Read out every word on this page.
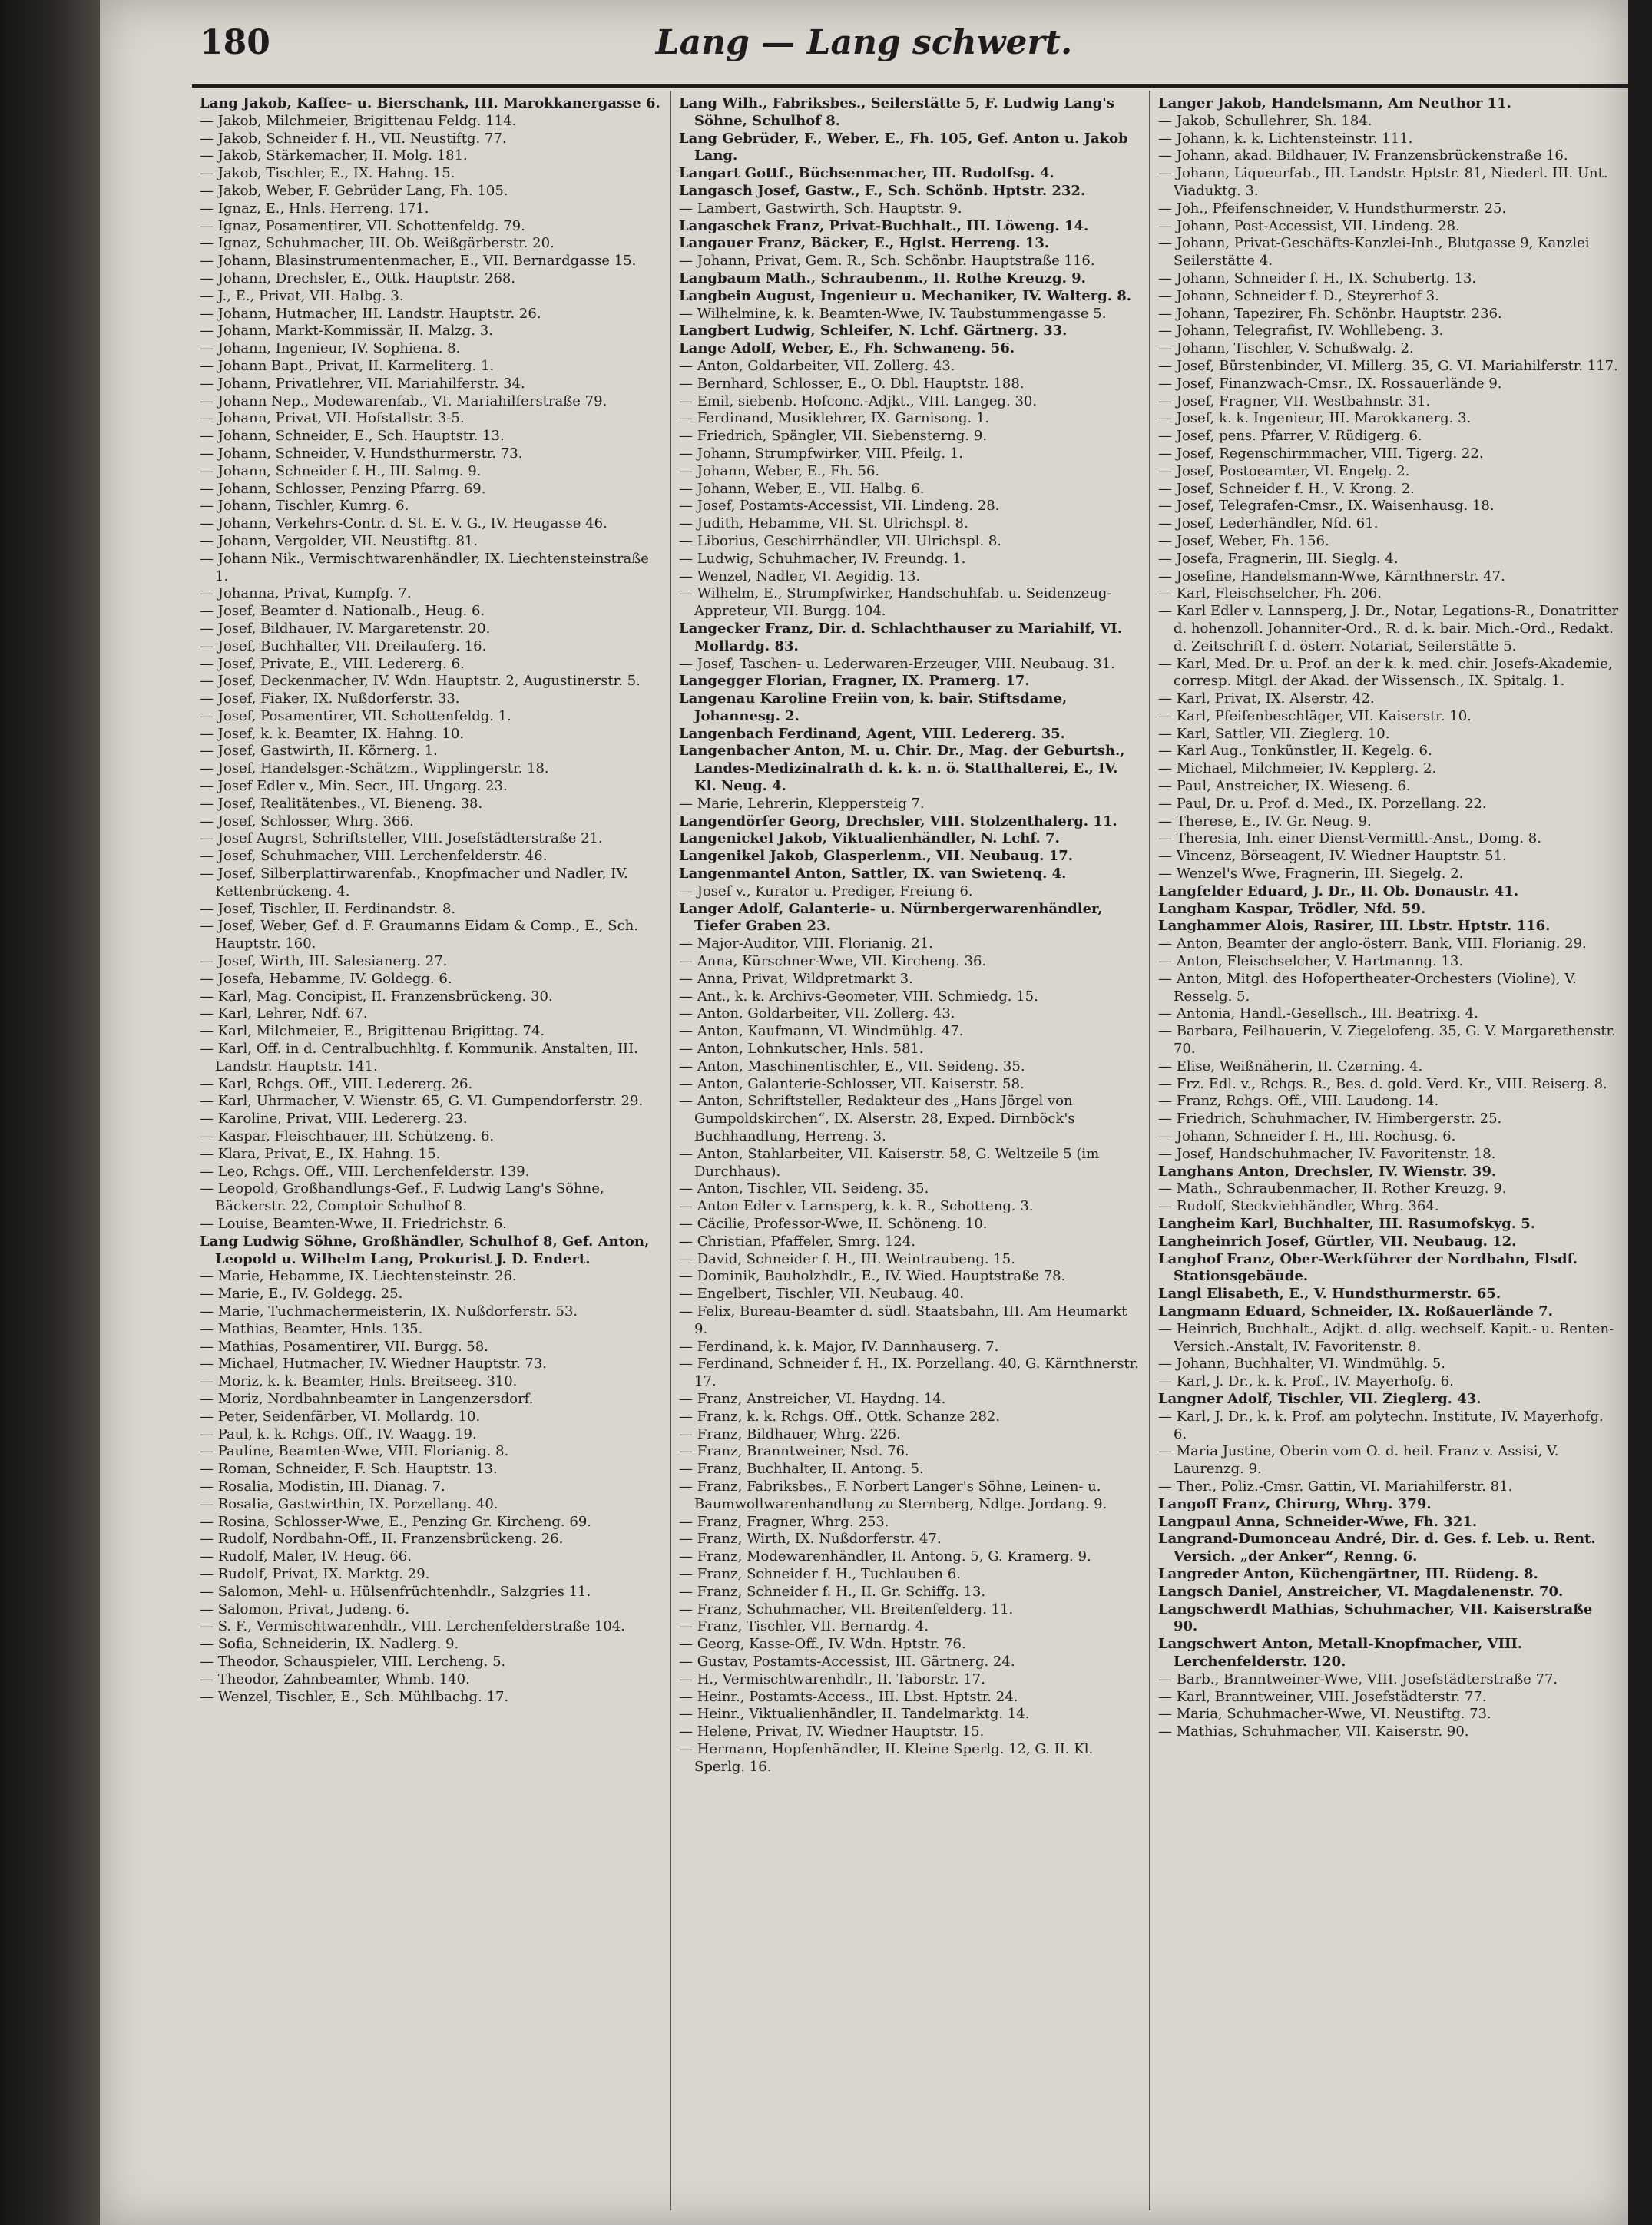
180	Lang — Lang schwert.
Lang Jakob, Kaffee- u. Bierschank, III. Marokkanergasse 6.
— Jakob, Milchmeier, Brigittenau Feldg. 114.
— Jakob, Schneider f. H., VII. Neustiftg. 77.
— Jakob, Stärkemacher, II. Molg. 181.
— Jakob, Tischler, E., IX. Hahng. 15.
— Jakob, Weber, F. Gebrüder Lang, Fh. 105.
— Ignaz, E., Hnls. Herreng. 171.
— Ignaz, Posamentirer, VII. Schottenfeldg. 79.
— Ignaz, Schuhmacher, III. Ob. Weißgärberstr. 20.
— Johann, Blasinstrumentenmacher, E., VII. Bernardgasse 15.
— Johann, Drechsler, E., Ottk. Hauptstr. 268.
— J., E., Privat, VII. Halbg. 3.
— Johann, Hutmacher, III. Landstr. Hauptstr. 26.
— Johann, Markt-Kommissär, II. Malzg. 3.
— Johann, Ingenieur, IV. Sophienа. 8.
— Johann Bapt., Privat, II. Karmeliterg. 1.
— Johann, Privatlehrer, VII. Mariahilferstr. 34.
— Johann Nep., Modewarenfab., VI. Mariahilferstraße 79.
— Johann, Privat, VII. Hofstallstr. 3-5.
— Johann, Schneider, E., Sch. Hauptstr. 13.
— Johann, Schneider, V. Hundsthurmerstr. 73.
— Johann, Schneider f. H., III. Salmg. 9.
— Johann, Schlosser, Penzing Pfarrg. 69.
— Johann, Tischler, Kumrg. 6.
— Johann, Verkehrs-Contr. d. St. E. V. G., IV. Heugasse 46.
— Johann, Vergolder, VII. Neustiftg. 81.
— Johann Nik., Vermischtwarenhändler, IX. Liechtensteinstraße 1.
— Johanna, Privat, Kumpfg. 7.
— Josef, Beamter d. Nationalb., Heug. 6.
— Josef, Bildhauer, IV. Margaretenstr. 20.
— Josef, Buchhalter, VII. Dreilauferg. 16.
— Josef, Private, E., VIII. Ledererg. 6.
— Josef, Deckenmacher, IV. Wdn. Hauptstr. 2, Augustinerstr. 5.
— Josef, Fiaker, IX. Nußdorferstr. 33.
— Josef, Posamentirer, VII. Schottenfeldg. 1.
— Josef, k. k. Beamter, IX. Hahng. 10.
— Josef, Gastwirth, II. Körnerg. 1.
— Josef, Handelsger.-Schätzm., Wipplingerstr. 18.
— Josef Edler v., Min. Secr., III. Ungarg. 23.
— Josef, Realitätenbes., VI. Bieneng. 38.
— Josef, Schlosser, Whrg. 366.
— Josef Augrst, Schriftsteller, VIII. Josefstädterstraße 21.
— Josef, Schuhmacher, VIII. Lerchenfelderstr. 46.
— Josef, Silberplattirwarenfab., Knopfmacher und Nadler, IV. Kettenbrückeng. 4.
— Josef, Tischler, II. Ferdinandstr. 8.
— Josef, Weber, Gef. d. F. Graumanns Eidam & Comp., E., Sch. Hauptstr. 160.
— Josef, Wirth, III. Salesianerg. 27.
— Josefa, Hebamme, IV. Goldegg. 6.
— Karl, Mag. Concipist, II. Franzensbrückeng. 30.
— Karl, Lehrer, Ndf. 67.
— Karl, Milchmeier, E., Brigittenau Brigittag. 74.
— Karl, Off. in d. Centralbuchhltg. f. Kommunik. Anstalten, III. Landstr. Hauptstr. 141.
— Karl, Rchgs. Off., VIII. Ledererg. 26.
— Karl, Uhrmacher, V. Wienstr. 65, G. VI. Gumpendorferstr. 29.
— Karoline, Privat, VIII. Ledererg. 23.
— Kaspar, Fleischhauer, III. Schützeng. 6.
— Klara, Privat, E., IX. Hahng. 15.
— Leo, Rchgs. Off., VIII. Lerchenfelderstr. 139.
— Leopold, Großhandlungs-Gef., F. Ludwig Lang's Söhne, Bäckerstr. 22, Comptoir Schulhof 8.
— Louise, Beamten-Wwe, II. Friedrichstr. 6.
Lang Ludwig Söhne, Großhändler, Schulhof 8, Gef. Anton, Leopold u. Wilhelm Lang, Prokurist J. D. Endert.
— Marie, Hebamme, IX. Liechtensteinstr. 26.
— Marie, E., IV. Goldegg. 25.
— Marie, Tuchmachermeisterin, IX. Nußdorferstr. 53.
— Mathias, Beamter, Hnls. 135.
— Mathias, Posamentirer, VII. Burgg. 58.
— Michael, Hutmacher, IV. Wiedner Hauptstr. 73.
— Moriz, k. k. Beamter, Hnls. Breitseeg. 310.
— Moriz, Nordbahnbeamter in Langenzersdorf.
— Peter, Seidenfärber, VI. Mollardg. 10.
— Paul, k. k. Rchgs. Off., IV. Waagg. 19.
— Pauline, Beamten-Wwe, VIII. Florianig. 8.
— Roman, Schneider, F. Sch. Hauptstr. 13.
— Rosalia, Modistin, III. Dianag. 7.
— Rosalia, Gastwirthin, IX. Porzellang. 40.
— Rosina, Schlosser-Wwe, E., Penzing Gr. Kircheng. 69.
— Rudolf, Nordbahn-Off., II. Franzensbrückeng. 26.
— Rudolf, Maler, IV. Heug. 66.
— Rudolf, Privat, IX. Marktg. 29.
— Salomon, Mehl- u. Hülsenfrüchtenhdlr., Salzgries 11.
— Salomon, Privat, Judeng. 6.
— S. F., Vermischtwarenhdlr., VIII. Lerchenfelderstraße 104.
— Sofia, Schneiderin, IX. Nadlerg. 9.
— Theodor, Schauspieler, VIII. Lercheng. 5.
— Theodor, Zahnbeamter, Whmb. 140.
— Wenzel, Tischler, E., Sch. Mühlbachg. 17.
Lang Wilh., Fabriksbes., Seilerstätte 5, F. Ludwig Lang's Söhne, Schulhof 8.
Lang Gebrüder, F., Weber, E., Fh. 105, Gef. Anton u. Jakob Lang.
Langart Gottf., Büchsenmacher, III. Rudolfsg. 4.
Langasch Josef, Gastw., F., Sch. Schönb. Hptstr. 232.
— Lambert, Gastwirth, Sch. Hauptstr. 9.
Langaschek Franz, Privat-Buchhalt., III. Löweng. 14.
Langauer Franz, Bäcker, E., Hglst. Herreng. 13.
— Johann, Privat, Gem. R., Sch. Schönbr. Hauptstraße 116.
Langbaum Math., Schraubenm., II. Rothe Kreuzg. 9.
Langbein August, Ingenieur u. Mechaniker, IV. Walterg. 8.
— Wilhelmine, k. k. Beamten-Wwe, IV. Taubstummengasse 5.
Langbert Ludwig, Schleifer, N. Lchf. Gärtnerg. 33.
Lange Adolf, Weber, E., Fh. Schwaneng. 56.
— Anton, Goldarbeiter, VII. Zollerg. 43.
— Bernhard, Schlosser, E., O. Dbl. Hauptstr. 188.
— Emil, siebenb. Hofconc.-Adjkt., VIII. Langeg. 30.
— Ferdinand, Musiklehrer, IX. Garnisong. 1.
— Friedrich, Spängler, VII. Siebensterng. 9.
— Johann, Strumpfwirker, VIII. Pfeilg. 1.
— Johann, Weber, E., Fh. 56.
— Johann, Weber, E., VII. Halbg. 6.
— Josef, Postamts-Accessist, VII. Lindeng. 28.
— Judith, Hebamme, VII. St. Ulrichspl. 8.
— Liborius, Geschirrhändler, VII. Ulrichspl. 8.
— Ludwig, Schuhmacher, IV. Freundg. 1.
— Wenzel, Nadler, VI. Aegidig. 13.
— Wilhelm, E., Strumpfwirker, Handschuhfab. u. Seidenzeug-Appreteur, VII. Burgg. 104.
Langecker Franz, Dir. d. Schlachthauser zu Mariahilf, VI. Mollardg. 83.
— Josef, Taschen- u. Lederwaren-Erzeuger, VIII. Neubaug. 31.
Langegger Florian, Fragner, IX. Pramerg. 17.
Langenau Karoline Freiin von, k. bair. Stiftsdame, Johannesg. 2.
Langenbach Ferdinand, Agent, VIII. Ledererg. 35.
Langenbacher Anton, M. u. Chir. Dr., Mag. der Geburtsh., Landes-Medizinalrath d. k. k. n. ö. Statthalterei, E., IV. Kl. Neug. 4.
— Marie, Lehrerin, Kleppersteig 7.
Langendörfer Georg, Drechsler, VIII. Stolzenthalerg. 11.
Langenickel Jakob, Viktualienhändler, N. Lchf. 7.
Langenikel Jakob, Glasperlenm., VII. Neubaug. 17.
Langenmantel Anton, Sattler, IX. van Swietenq. 4.
— Josef v., Kurator u. Prediger, Freiung 6.
Langer Adolf, Galanterie- u. Nürnbergerwarenhändler, Tiefer Graben 23.
— Major-Auditor, VIII. Florianig. 21.
— Anna, Kürschner-Wwe, VII. Kircheng. 36.
— Anna, Privat, Wildpretmarkt 3.
— Ant., k. k. Archivs-Geometer, VIII. Schmiedg. 15.
— Anton, Goldarbeiter, VII. Zollerg. 43.
— Anton, Kaufmann, VI. Windmühlg. 47.
— Anton, Lohnkutscher, Hnls. 581.
— Anton, Maschinentischler, E., VII. Seideng. 35.
— Anton, Galanterie-Schlosser, VII. Kaiserstr. 58.
— Anton, Schriftsteller, Redakteur des „Hans Jörgel von Gumpoldskirchen“, IX. Alserstr. 28, Exped. Dirnböck's Buchhandlung, Herreng. 3.
— Anton, Stahlarbeiter, VII. Kaiserstr. 58, G. Weltzeile 5 (im Durchhaus).
— Anton, Tischler, VII. Seideng. 35.
— Anton Edler v. Larnsperg, k. k. R., Schotteng. 3.
— Cäcilie, Professor-Wwe, II. Schöneng. 10.
— Christian, Pfaffeler, Smrg. 124.
— David, Schneider f. H., III. Weintraubeng. 15.
— Dominik, Bauholzhdlr., E., IV. Wied. Hauptstraße 78.
— Engelbert, Tischler, VII. Neubaug. 40.
— Felix, Bureau-Beamter d. südl. Staatsbahn, III. Am Heumarkt 9.
— Ferdinand, k. k. Major, IV. Dannhauserg. 7.
— Ferdinand, Schneider f. H., IX. Porzellang. 40, G. Kärnthnerstr. 17.
— Franz, Anstreicher, VI. Haydng. 14.
— Franz, k. k. Rchgs. Off., Ottk. Schanze 282.
— Franz, Bildhauer, Whrg. 226.
— Franz, Branntweiner, Nsd. 76.
— Franz, Buchhalter, II. Antong. 5.
— Franz, Fabriksbes., F. Norbert Langer's Söhne, Leinen- u. Baumwollwarenhandlung zu Sternberg, Ndlge. Jordang. 9.
— Franz, Fragner, Whrg. 253.
— Franz, Wirth, IX. Nußdorferstr. 47.
— Franz, Modewarenhändler, II. Antong. 5, G. Kramerg. 9.
— Franz, Schneider f. H., Tuchlauben 6.
— Franz, Schneider f. H., II. Gr. Schiffg. 13.
— Franz, Schuhmacher, VII. Breitenfelderg. 11.
— Franz, Tischler, VII. Bernardg. 4.
— Georg, Kasse-Off., IV. Wdn. Hptstr. 76.
— Gustav, Postamts-Accessist, III. Gärtnerg. 24.
— H., Vermischtwarenhdlr., II. Taborstr. 17.
— Heinr., Postamts-Access., III. Lbst. Hptstr. 24.
— Heinr., Viktualienhändler, II. Tandelmarktg. 14.
— Helene, Privat, IV. Wiedner Hauptstr. 15.
— Hermann, Hopfenhändler, II. Kleine Sperlg. 12, G. II. Kl. Sperlg. 16.
Langer Jakob, Handelsmann, Am Neuthor 11.
— Jakob, Schullehrer, Sh. 184.
— Johann, k. k. Lichtensteinstr. 111.
— Johann, akad. Bildhauer, IV. Franzensbrückenstraße 16.
— Johann, Liqueurfab., III. Landstr. Hptstr. 81, Niederl. III. Unt. Viaduktg. 3.
— Joh., Pfeifenschneider, V. Hundsthurmerstr. 25.
— Johann, Post-Accessist, VII. Lindeng. 28.
— Johann, Privat-Geschäfts-Kanzlei-Inh., Blutgasse 9, Kanzlei Seilerstätte 4.
— Johann, Schneider f. H., IX. Schubertg. 13.
— Johann, Schneider f. D., Steyrerhof 3.
— Johann, Tapezirer, Fh. Schönbr. Hauptstr. 236.
— Johann, Telegrafist, IV. Wohllebeng. 3.
— Johann, Tischler, V. Schußwalg. 2.
— Josef, Bürstenbinder, VI. Millerg. 35, G. VI. Mariahilferstr. 117.
— Josef, Finanzwach-Cmsr., IX. Rossauerlände 9.
— Josef, Fragner, VII. Westbahnstr. 31.
— Josef, k. k. Ingenieur, III. Marokkanerg. 3.
— Josef, pens. Pfarrer, V. Rüdigerg. 6.
— Josef, Regenschirmmacher, VIII. Tigerg. 22.
— Josef, Postoeamter, VI. Engelg. 2.
— Josef, Schneider f. H., V. Krong. 2.
— Josef, Telegrafen-Cmsr., IX. Waisenhausg. 18.
— Josef, Lederhändler, Nfd. 61.
— Josef, Weber, Fh. 156.
— Josefa, Fragnerin, III. Sieglg. 4.
— Josefine, Handelsmann-Wwe, Kärnthnerstr. 47.
— Karl, Fleischselcher, Fh. 206.
— Karl Edler v. Lannsperg, J. Dr., Notar, Legations-R., Donatritter d. hohenzoll. Johanniter-Ord., R. d. k. bair. Mich.-Ord., Redakt. d. Zeitschrift f. d. österr. Notariat, Seilerstätte 5.
— Karl, Med. Dr. u. Prof. an der k. k. med. chir. Josefs-Akademie, corresp. Mitgl. der Akad. der Wissensch., IX. Spitalg. 1.
— Karl, Privat, IX. Alserstr. 42.
— Karl, Pfeifenbeschläger, VII. Kaiserstr. 10.
— Karl, Sattler, VII. Zieglerg. 10.
— Karl Aug., Tonkünstler, II. Kegelg. 6.
— Michael, Milchmeier, IV. Kepplerg. 2.
— Paul, Anstreicher, IX. Wieseng. 6.
— Paul, Dr. u. Prof. d. Med., IX. Porzellang. 22.
— Therese, E., IV. Gr. Neug. 9.
— Theresia, Inh. einer Dienst-Vermittl.-Anst., Domg. 8.
— Vincenz, Börseagent, IV. Wiedner Hauptstr. 51.
— Wenzel's Wwe, Fragnerin, III. Siegelg. 2.
Langfelder Eduard, J. Dr., II. Ob. Donaustr. 41.
Langham Kaspar, Trödler, Nfd. 59.
Langhammer Alois, Rasirer, III. Lbstr. Hptstr. 116.
— Anton, Beamter der anglo-österr. Bank, VIII. Florianig. 29.
— Anton, Fleischselcher, V. Hartmanng. 13.
— Anton, Mitgl. des Hofopertheater-Orchesters (Violine), V. Resselg. 5.
— Antonia, Handl.-Gesellsch., III. Beatrixg. 4.
— Barbara, Feilhauerin, V. Ziegelofeng. 35, G. V. Margarethenstr. 70.
— Elise, Weißnäherin, II. Czerning. 4.
— Frz. Edl. v., Rchgs. R., Bes. d. gold. Verd. Kr., VIII. Reiserg. 8.
— Franz, Rchgs. Off., VIII. Laudong. 14.
— Friedrich, Schuhmacher, IV. Himbergerstr. 25.
— Johann, Schneider f. H., III. Rochusg. 6.
— Josef, Handschuhmacher, IV. Favoritenstr. 18.
Langhans Anton, Drechsler, IV. Wienstr. 39.
— Math., Schraubenmacher, II. Rother Kreuzg. 9.
— Rudolf, Steckviehhändler, Whrg. 364.
Langheim Karl, Buchhalter, III. Rasumofskyg. 5.
Langheinrich Josef, Gürtler, VII. Neubaug. 12.
Langhof Franz, Ober-Werkführer der Nordbahn, Flsdf. Stationsgebäude.
Langl Elisabeth, E., V. Hundsthurmerstr. 65.
Langmann Eduard, Schneider, IX. Roßauerlände 7.
— Heinrich, Buchhalt., Adjkt. d. allg. wechself. Kapit.- u. Renten-Versich.-Anstalt, IV. Favoritenstr. 8.
— Johann, Buchhalter, VI. Windmühlg. 5.
— Karl, J. Dr., k. k. Prof., IV. Mayerhofg. 6.
Langner Adolf, Tischler, VII. Zieglerg. 43.
— Karl, J. Dr., k. k. Prof. am polytechn. Institute, IV. Mayerhofg. 6.
— Maria Justine, Oberin vom O. d. heil. Franz v. Assisi, V. Laurenzg. 9.
— Ther., Poliz.-Cmsr. Gattin, VI. Mariahilferstr. 81.
Langoff Franz, Chirurg, Whrg. 379.
Langpaul Anna, Schneider-Wwe, Fh. 321.
Langrand-Dumonceau André, Dir. d. Ges. f. Leb. u. Rent. Versich. „der Anker“, Renng. 6.
Langreder Anton, Küchengärtner, III. Rüdeng. 8.
Langsch Daniel, Anstreicher, VI. Magdalenenstr. 70.
Langschwerdt Mathias, Schuhmacher, VII. Kaiserstraße 90.
Langschwert Anton, Metall-Knopfmacher, VIII. Lerchenfelderstr. 120.
— Barb., Branntweiner-Wwe, VIII. Josefstädterstraße 77.
— Karl, Branntweiner, VIII. Josefstädterstr. 77.
— Maria, Schuhmacher-Wwe, VI. Neustiftg. 73.
— Mathias, Schuhmacher, VII. Kaiserstr. 90.
